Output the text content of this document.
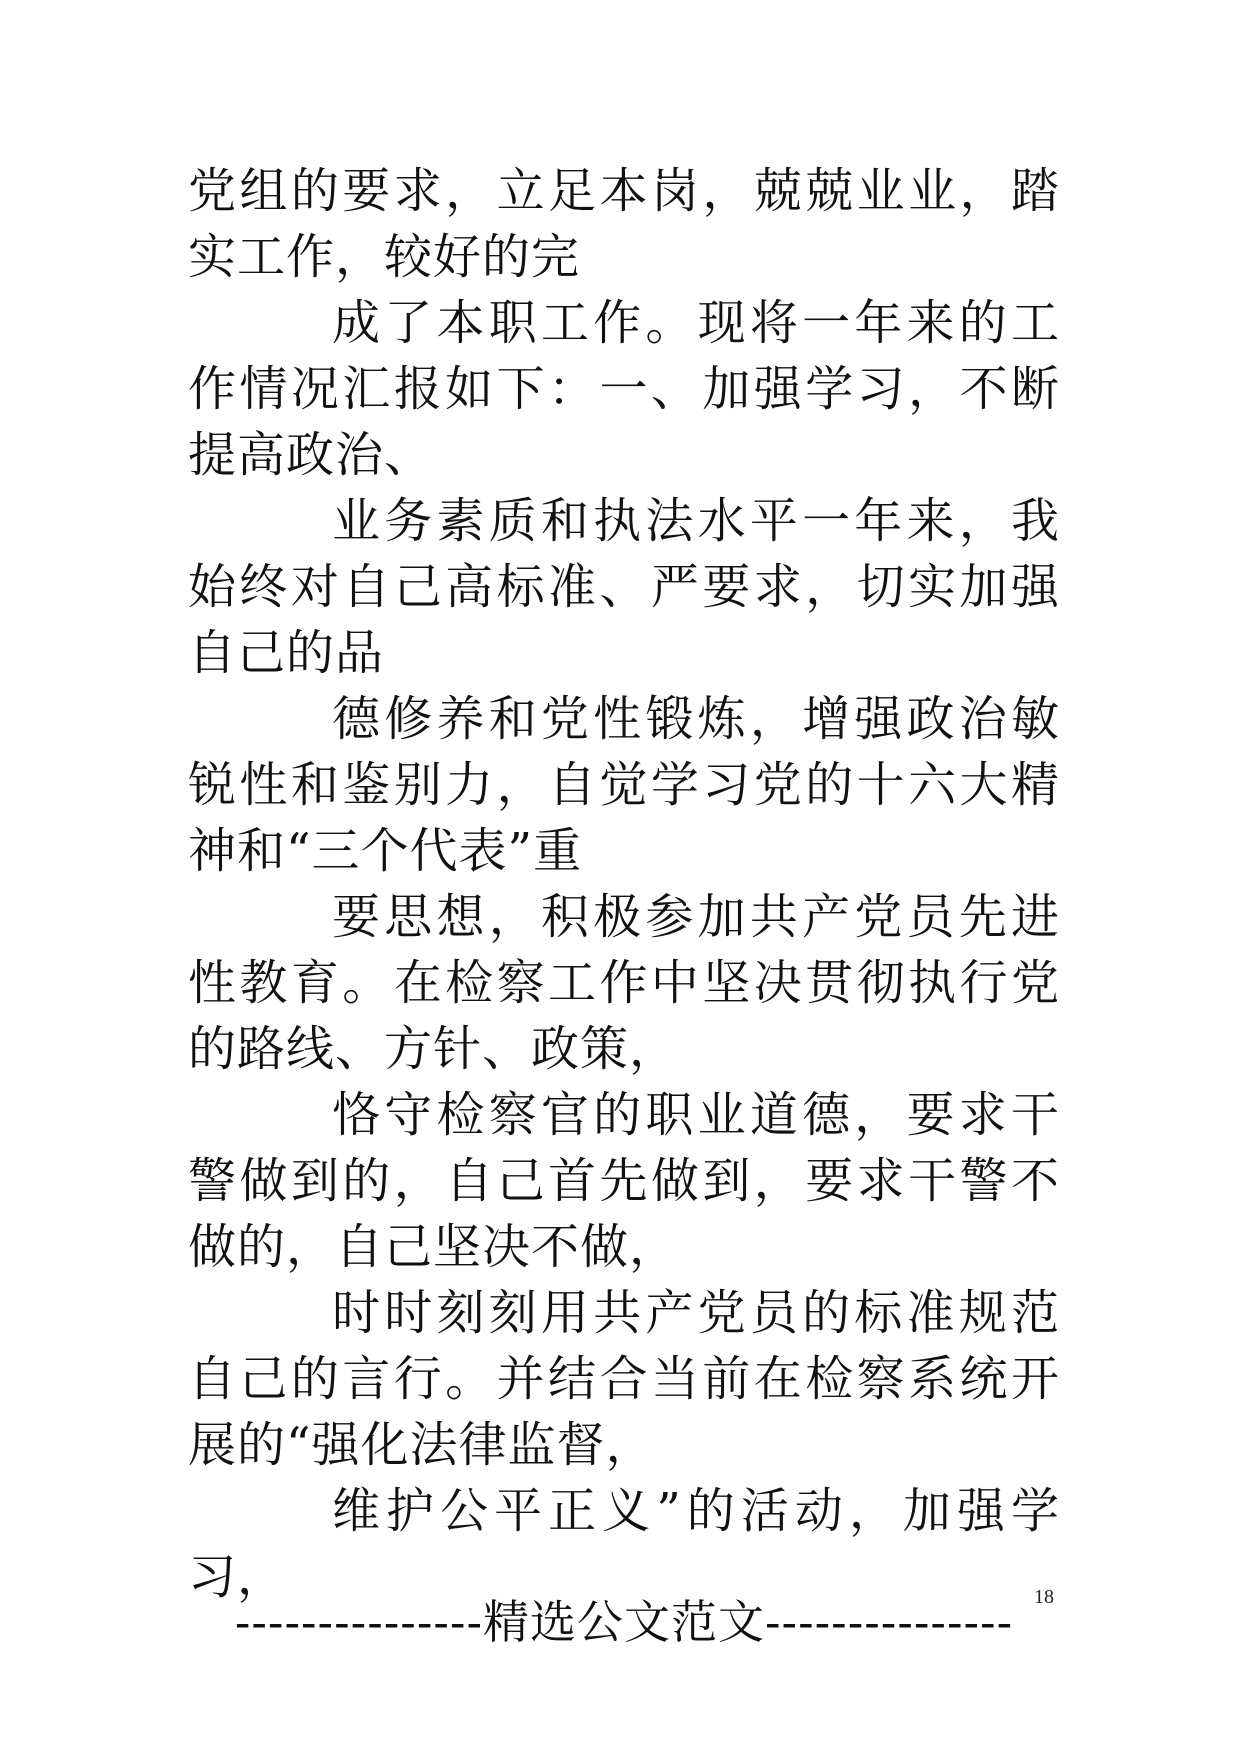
党组的要求，立足本岗，兢兢业业，踏实工作，较好的完

成了本职工作。现将一年来的工作情况汇报如下：一、加强学习，不断提高政治、

业务素质和执法水平一年来，我始终对自己高标准、严要求，切实加强自己的品

德修养和党性锻炼，增强政治敏锐性和鉴别力，自觉学习党的十六大精神和“三个代表”重

要思想，积极参加共产党员先进性教育。在检察工作中坚决贯彻执行党的路线、方针、政策，

恪守检察官的职业道德，要求干警做到的，自己首先做到，要求干警不做的，自己坚决不做，

时时刻刻用共产党员的标准规范自己的言行。并结合当前在检察系统开展的“强化法律监督，

维护公平正义”的活动，加强学习，	18
---------------精选公文范文---------------
